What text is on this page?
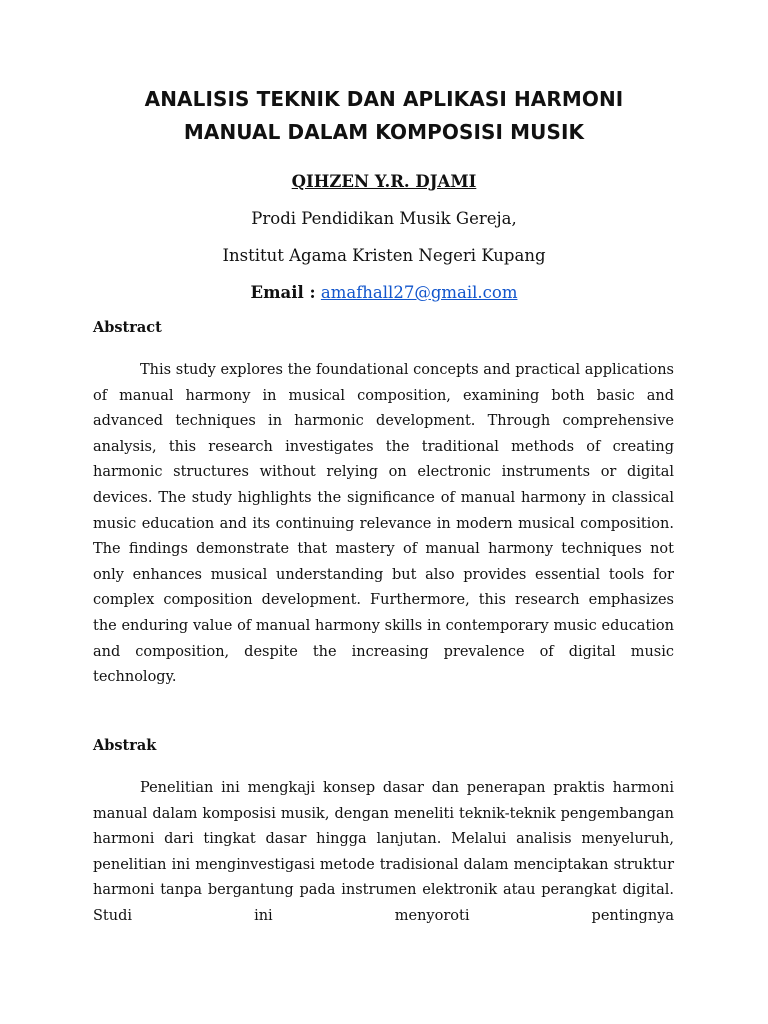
ANALISIS TEKNIK DAN APLIKASI HARMONI
MANUAL DALAM KOMPOSISI MUSIK
QIHZEN Y.R. DJAMI
Prodi Pendidikan Musik Gereja,
Institut Agama Kristen Negeri Kupang
Email : amafhall27@gmail.com
Abstract

This study explores the foundational concepts and practical applications of manual harmony in musical composition, examining both basic and advanced techniques in harmonic development. Through comprehensive analysis, this research investigates the traditional methods of creating harmonic structures without relying on electronic instruments or digital devices. The study highlights the significance of manual harmony in classical music education and its continuing relevance in modern musical composition. The findings demonstrate that mastery of manual harmony techniques not only enhances musical understanding but also provides essential tools for complex composition development. Furthermore, this research emphasizes the enduring value of manual harmony skills in contemporary music education and composition, despite the increasing prevalence of digital music technology.

Abstrak

Penelitian ini mengkaji konsep dasar dan penerapan praktis harmoni manual dalam komposisi musik, dengan meneliti teknik-teknik pengembangan harmoni dari tingkat dasar hingga lanjutan. Melalui analisis menyeluruh, penelitian ini menginvestigasi metode tradisional dalam menciptakan struktur harmoni tanpa bergantung pada instrumen elektronik atau perangkat digital. Studi ini menyoroti pentingnya
